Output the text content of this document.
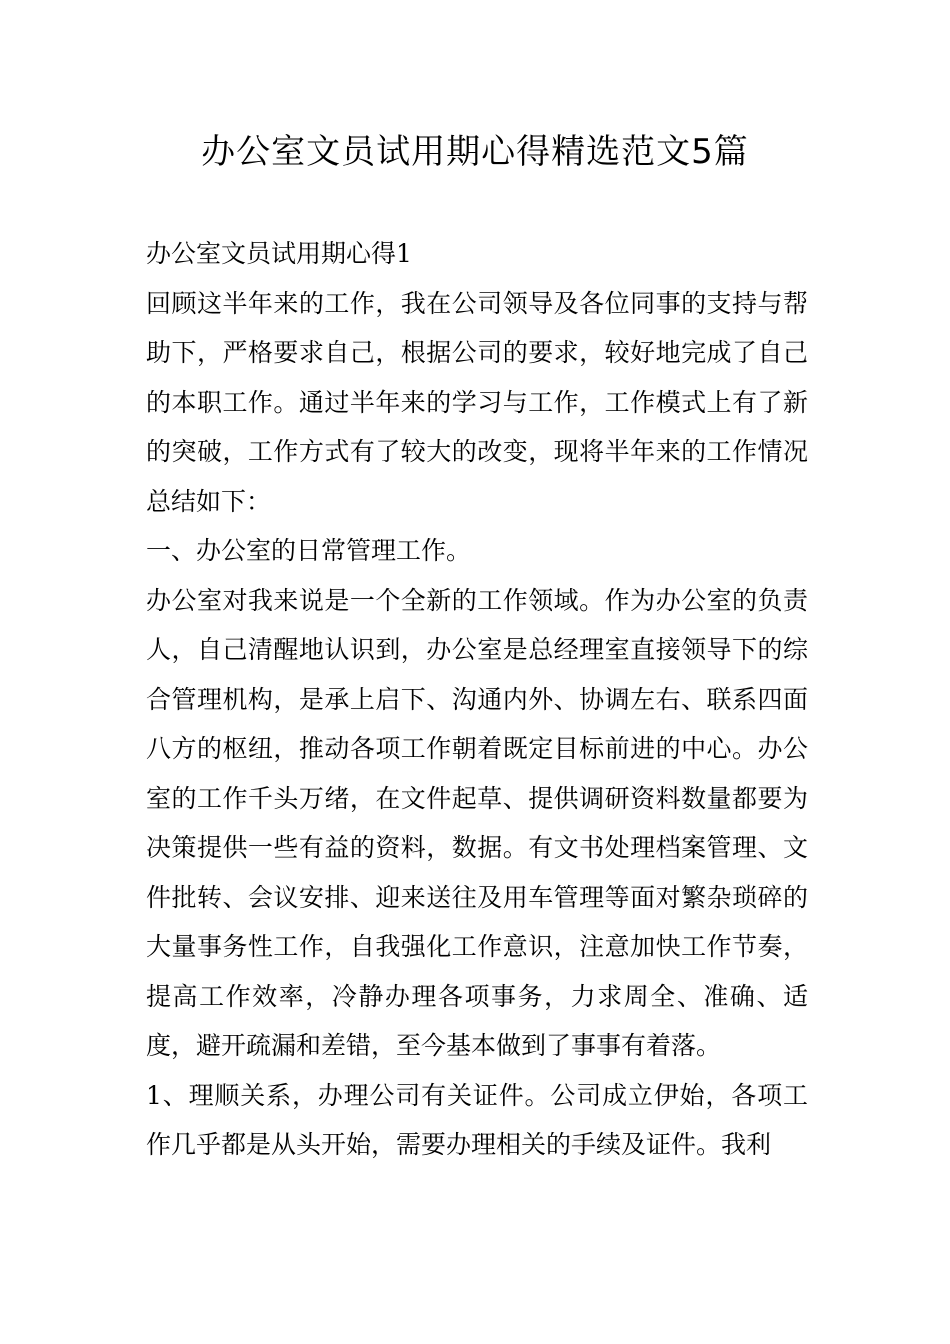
办公室文员试用期心得精选范文5篇

办公室文员试用期心得1

回顾这半年来的工作，我在公司领导及各位同事的支持与帮助下，严格要求自己，根据公司的要求，较好地完成了自己的本职工作。通过半年来的学习与工作，工作模式上有了新的突破，工作方式有了较大的改变，现将半年来的工作情况总结如下：

一、办公室的日常管理工作。

办公室对我来说是一个全新的工作领域。作为办公室的负责人，自己清醒地认识到，办公室是总经理室直接领导下的综合管理机构，是承上启下、沟通内外、协调左右、联系四面八方的枢纽，推动各项工作朝着既定目标前进的中心。办公室的工作千头万绪，在文件起草、提供调研资料数量都要为决策提供一些有益的资料，数据。有文书处理档案管理、文件批转、会议安排、迎来送往及用车管理等面对繁杂琐碎的大量事务性工作，自我强化工作意识，注意加快工作节奏，提高工作效率，冷静办理各项事务，力求周全、准确、适度，避开疏漏和差错，至今基本做到了事事有着落。

1、理顺关系，办理公司有关证件。公司成立伊始，各项工作几乎都是从头开始，需要办理相关的手续及证件。我利
